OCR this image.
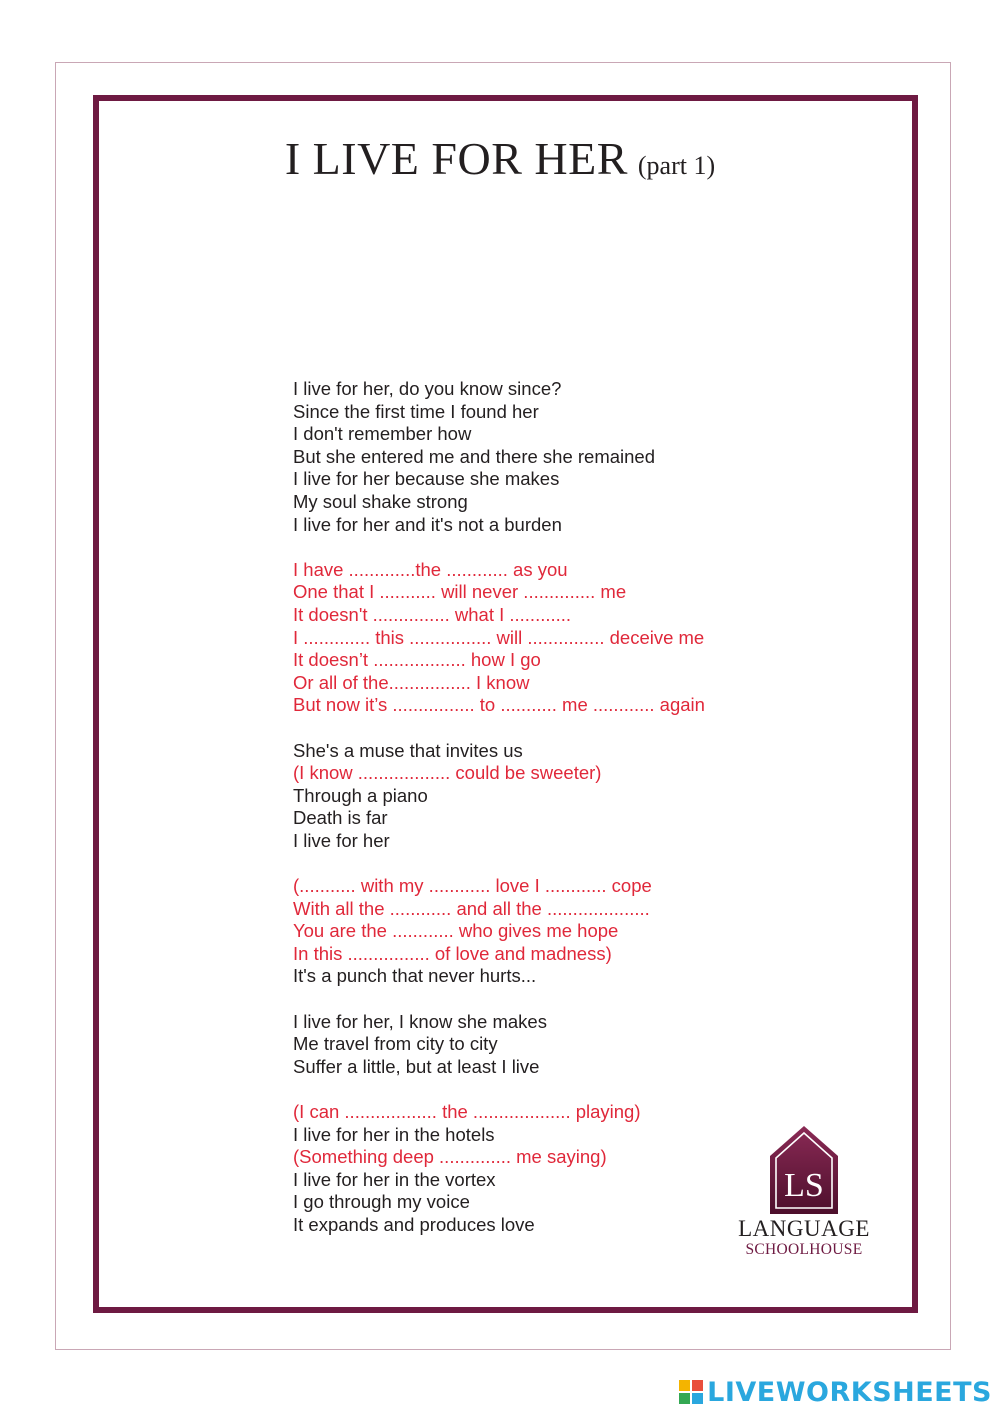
I LIVE FOR HER (part 1)
I live for her, do you know since?
Since the first time I found her
I don't remember how
But she entered me and there she remained
I live for her because she makes
My soul shake strong
I live for her and it's not a burden
I have .............the ............ as you
One that I ........... will never .............. me
It doesn't ............... what I ............
I ............. this ................ will ............... deceive me
It doesn’t .................. how I go
Or all of the................ I know
But now it’s ................ to ........... me ............ again
She's a muse that invites us
(I know .................. could be sweeter)
Through a piano
Death is far
I live for her
(........... with my ............ love I ............ cope
With all the ............ and all the ....................
You are the ............ who gives me hope
In this ................ of love and madness)
It's a punch that never hurts...
I live for her, I know she makes
Me travel from city to city
Suffer a little, but at least I live
(I can .................. the ................... playing)
I live for her in the hotels
(Something deep .............. me saying)
I live for her in the vortex
I go through my voice
It expands and produces love
LS
LANGUAGE
SCHOOLHOUSE
LIVEWORKSHEETS
